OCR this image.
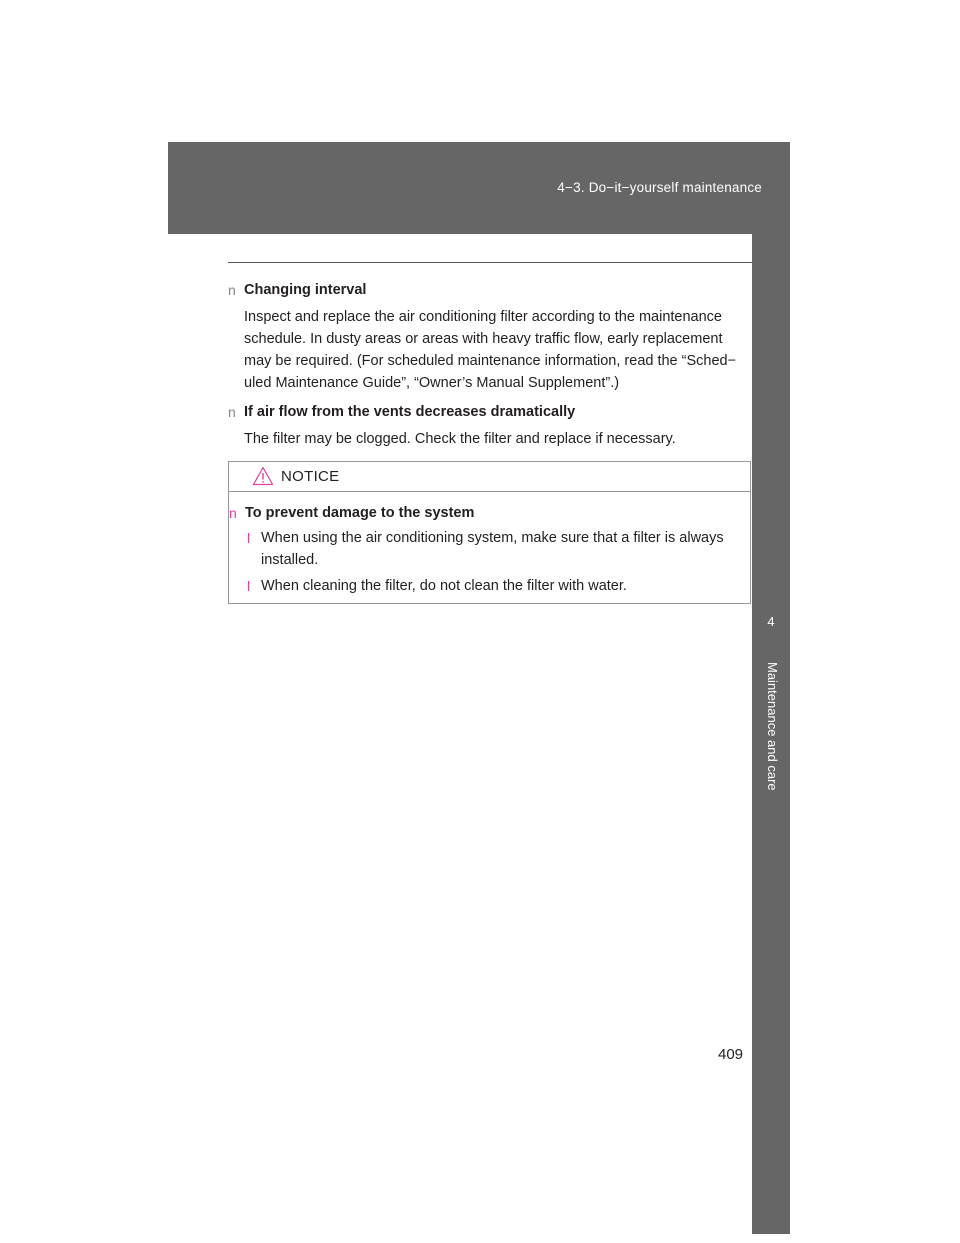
4−3. Do−it−yourself maintenance
4
Maintenance and care
n Changing interval
Inspect and replace the air conditioning filter according to the maintenance schedule. In dusty areas or areas with heavy traffic flow, early replacement may be required. (For scheduled maintenance information, read the “Sched− uled Maintenance Guide”, “Owner’s Manual Supplement”.)
n If air flow from the vents decreases dramatically
The filter may be clogged. Check the filter and replace if necessary.
NOTICE
n To prevent damage to the system
l When using the air conditioning system, make sure that a filter is always installed.
l When cleaning the filter, do not clean the filter with water.
409
